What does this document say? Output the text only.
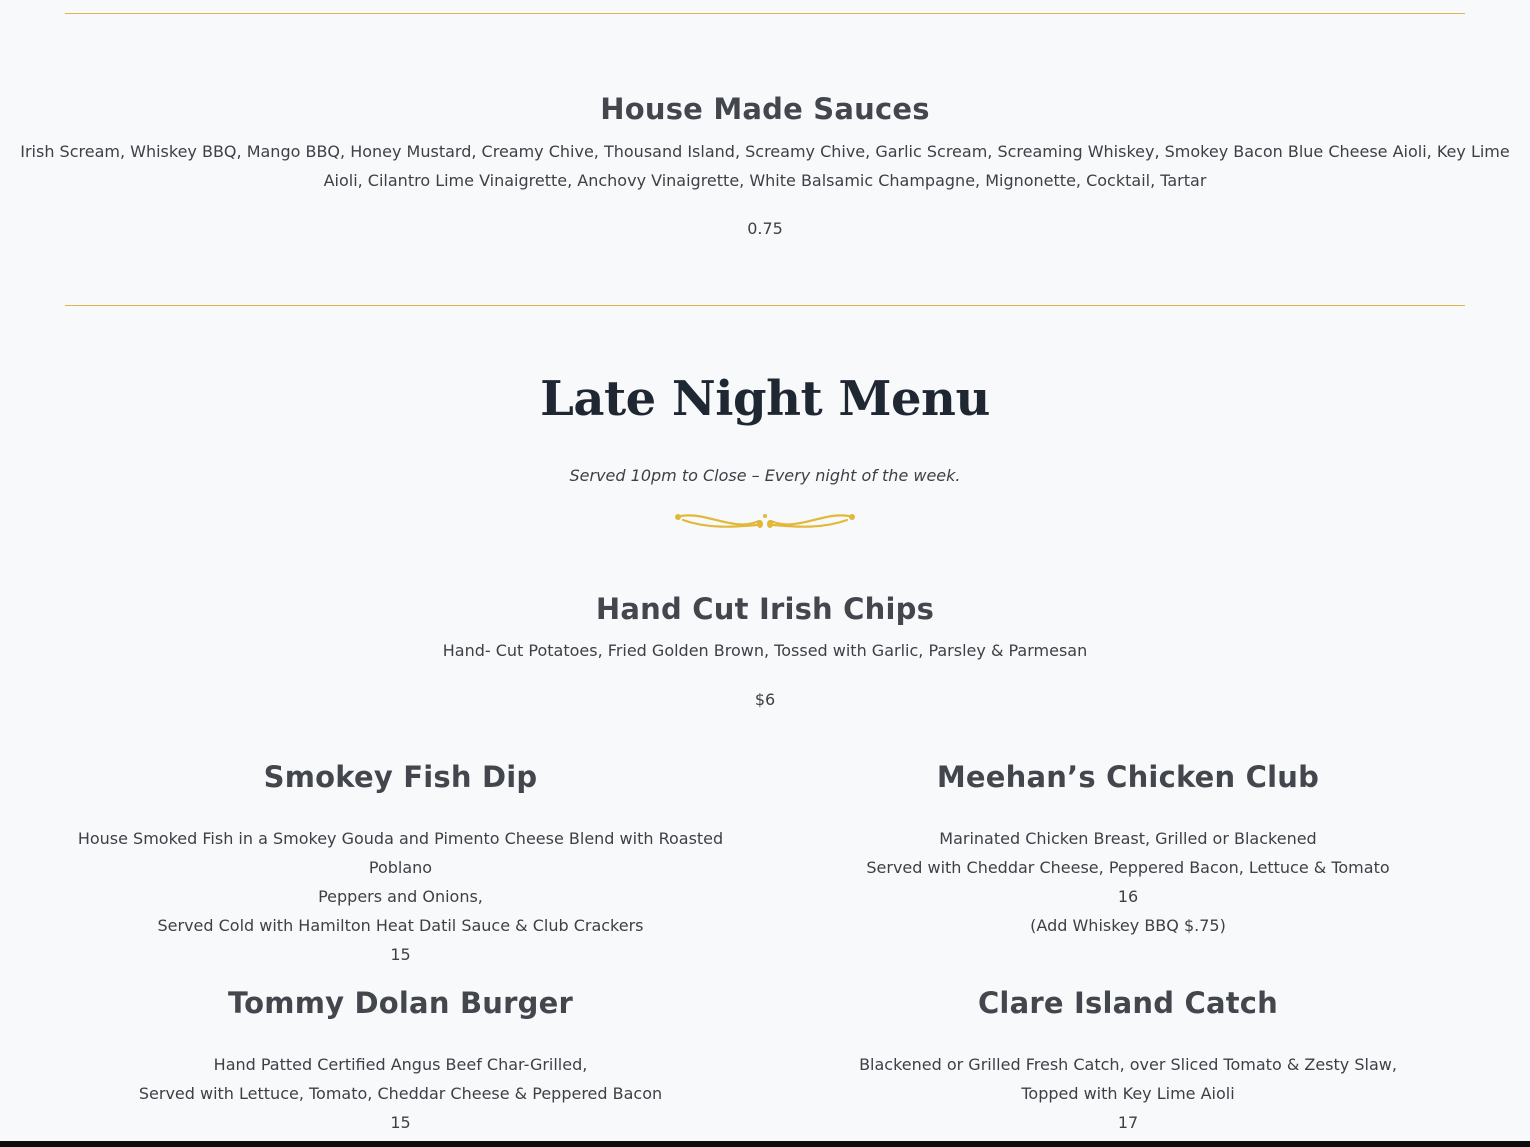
House Made Sauces

Irish Scream, Whiskey BBQ, Mango BBQ, Honey Mustard, Creamy Chive, Thousand Island, Screamy Chive, Garlic Scream, Screaming Whiskey, Smokey Bacon Blue Cheese Aioli, Key Lime

Aioli, Cilantro Lime Vinaigrette, Anchovy Vinaigrette, White Balsamic Champagne, Mignonette, Cocktail, Tartar

0.75

Late Night Menu

Served 10pm to Close – Every night of the week.

Hand Cut Irish Chips

Hand- Cut Potatoes, Fried Golden Brown, Tossed with Garlic, Parsley & Parmesan

$6

Smokey Fish Dip

House Smoked Fish in a Smokey Gouda and Pimento Cheese Blend with Roasted Poblano

Peppers and Onions,

Served Cold with Hamilton Heat Datil Sauce & Club Crackers

15

Meehan’s Chicken Club

Marinated Chicken Breast, Grilled or Blackened

Served with Cheddar Cheese, Peppered Bacon, Lettuce & Tomato

16

(Add Whiskey BBQ $.75)

Tommy Dolan Burger

Hand Patted Certified Angus Beef Char-Grilled,

Served with Lettuce, Tomato, Cheddar Cheese & Peppered Bacon

15

Clare Island Catch

Blackened or Grilled Fresh Catch, over Sliced Tomato & Zesty Slaw,

Topped with Key Lime Aioli

17
